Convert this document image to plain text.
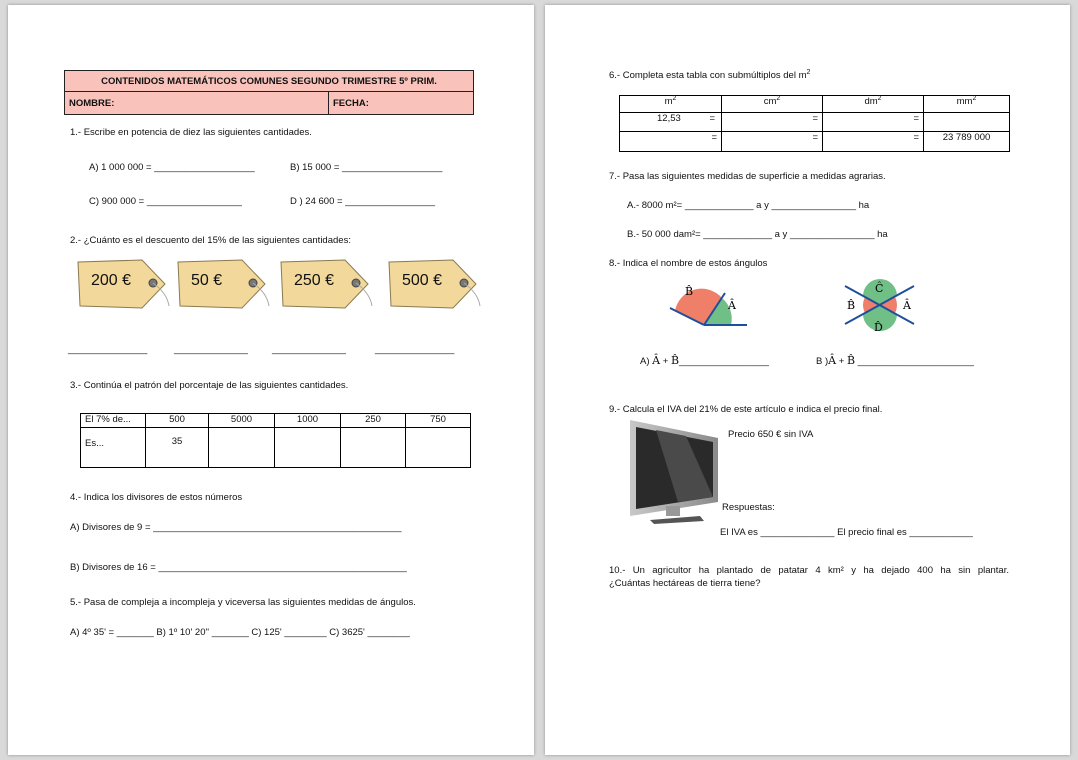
CONTENIDOS MATEMÁTICOS COMUNES SEGUNDO TRIMESTRE 5º PRIM.
NOMBRE:	FECHA:
1.- Escribe en potencia de diez las siguientes cantidades.
A) 1 000 000 = ___________________	B) 15 000 = ___________________
C) 900 000 = __________________	D ) 24 600 = _________________
2.- ¿Cuánto es el descuento del 15% de las siguientes cantidades:
200 €	50 €	250 €	500 €
_______________	______________	______________	_______________
3.- Continúa el patrón del porcentaje de las siguientes cantidades.
El 7% de...	500	5000	1000	250	750
Es...	35				
4.- Indica los divisores de estos números
A) Divisores de 9 = _______________________________________________
B) Divisores de 16 = _______________________________________________
5.- Pasa de compleja a incompleja y viceversa las siguientes medidas de ángulos.
A) 4º 35' = _______ B) 1º 10' 20'' _______ C) 125' ________ C) 3625' ________
6.- Completa esta tabla con submúltiplos del $m^2$
$m^2$	$cm^2$	$dm^2$	$mm^2$
12,53 =	=	=	
=	=	=	23 789 000
7.- Pasa las siguientes medidas de superficie a medidas agrarias.
A.- 8000 m²= _____________ a y ________________ ha
B.- 50 000 dam²= _____________ a y ________________ ha
8.- Indica el nombre de estos ángulos
B̂
Â
Ĉ
B̂	Â
D̂
A) Â + B̂_________________	B )Â + B̂ ______________________
9.- Calcula el IVA del 21% de este artículo e indica el precio final.
Precio 650 € sin IVA
Respuestas:
El IVA es ______________ El precio final es ____________
10.- Un agricultor ha plantado de patatar 4 km² y ha dejado 400 ha sin plantar.
¿Cuántas hectáreas de tierra tiene?
